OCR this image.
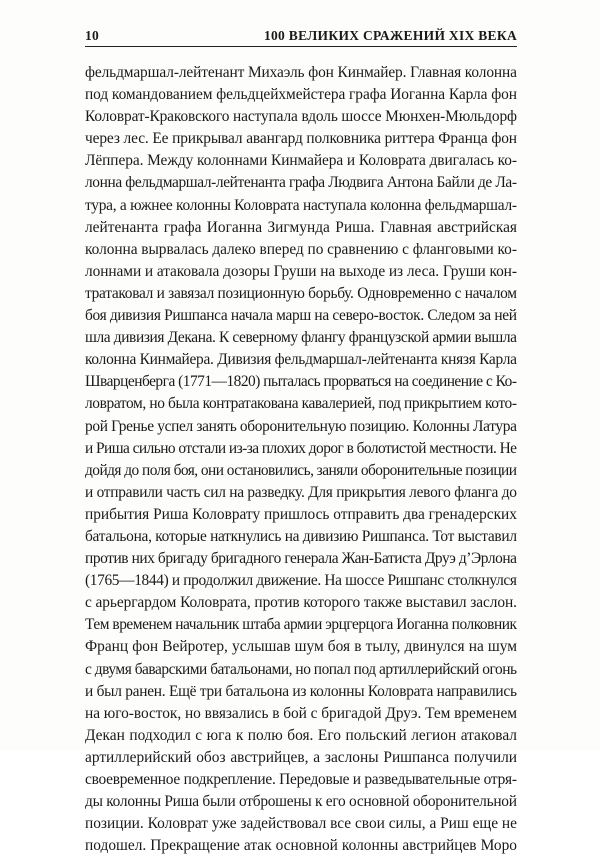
10	100 ВЕЛИКИХ СРАЖЕНИЙ XIX ВЕКА
фельдмаршал-лейтенант Михаэль фон Кинмайер. Главная колонна
под командованием фельдцейхмейстера графа Иоганна Карла фон
Коловрат-Краковского наступала вдоль шоссе Мюнхен-Мюльдорф
через лес. Ее прикрывал авангард полковника риттера Франца фон
Лёппера. Между колоннами Кинмайера и Коловрата двигалась ко-
лонна фельдмаршал-лейтенанта графа Людвига Антона Байли де Ла-
тура, а южнее колонны Коловрата наступала колонна фельдмаршал-
лейтенанта графа Иоганна Зигмунда Риша. Главная австрийская
колонна вырвалась далеко вперед по сравнению с фланговыми ко-
лоннами и атаковала дозоры Груши на выходе из леса. Груши кон-
тратаковал и завязал позиционную борьбу. Одновременно с началом
боя дивизия Ришпанса начала марш на северо-восток. Следом за ней
шла дивизия Декана. К северному флангу французской армии вышла
колонна Кинмайера. Дивизия фельдмаршал-лейтенанта князя Карла
Шварценберга (1771—1820) пыталась прорваться на соединение с Ко-
ловратом, но была контратакована кавалерией, под прикрытием кото-
рой Гренье успел занять оборонительную позицию. Колонны Латура
и Риша сильно отстали из-за плохих дорог в болотистой местности. Не
дойдя до поля боя, они остановились, заняли оборонительные позиции
и отправили часть сил на разведку. Для прикрытия левого фланга до
прибытия Риша Коловрату пришлось отправить два гренадерских
батальона, которые наткнулись на дивизию Ришпанса. Тот выставил
против них бригаду бригадного генерала Жан-Батиста Друэ д’Эрлона
(1765—1844) и продолжил движение. На шоссе Ришпанс столкнулся
с арьергардом Коловрата, против которого также выставил заслон.
Тем временем начальник штаба армии эрцгерцога Иоганна полковник
Франц фон Вейротер, услышав шум боя в тылу, двинулся на шум
с двумя баварскими батальонами, но попал под артиллерийский огонь
и был ранен. Ещё три батальона из колонны Коловрата направились
на юго-восток, но ввязались в бой с бригадой Друэ. Тем временем
Декан подходил с юга к полю боя. Его польский легион атаковал
артиллерийский обоз австрийцев, а заслоны Ришпанса получили
своевременное подкрепление. Передовые и разведывательные отря-
ды колонны Риша были отброшены к его основной оборонительной
позиции. Коловрат уже задействовал все свои силы, а Риш еще не
подошел. Прекращение атак основной колонны австрийцев Моро
